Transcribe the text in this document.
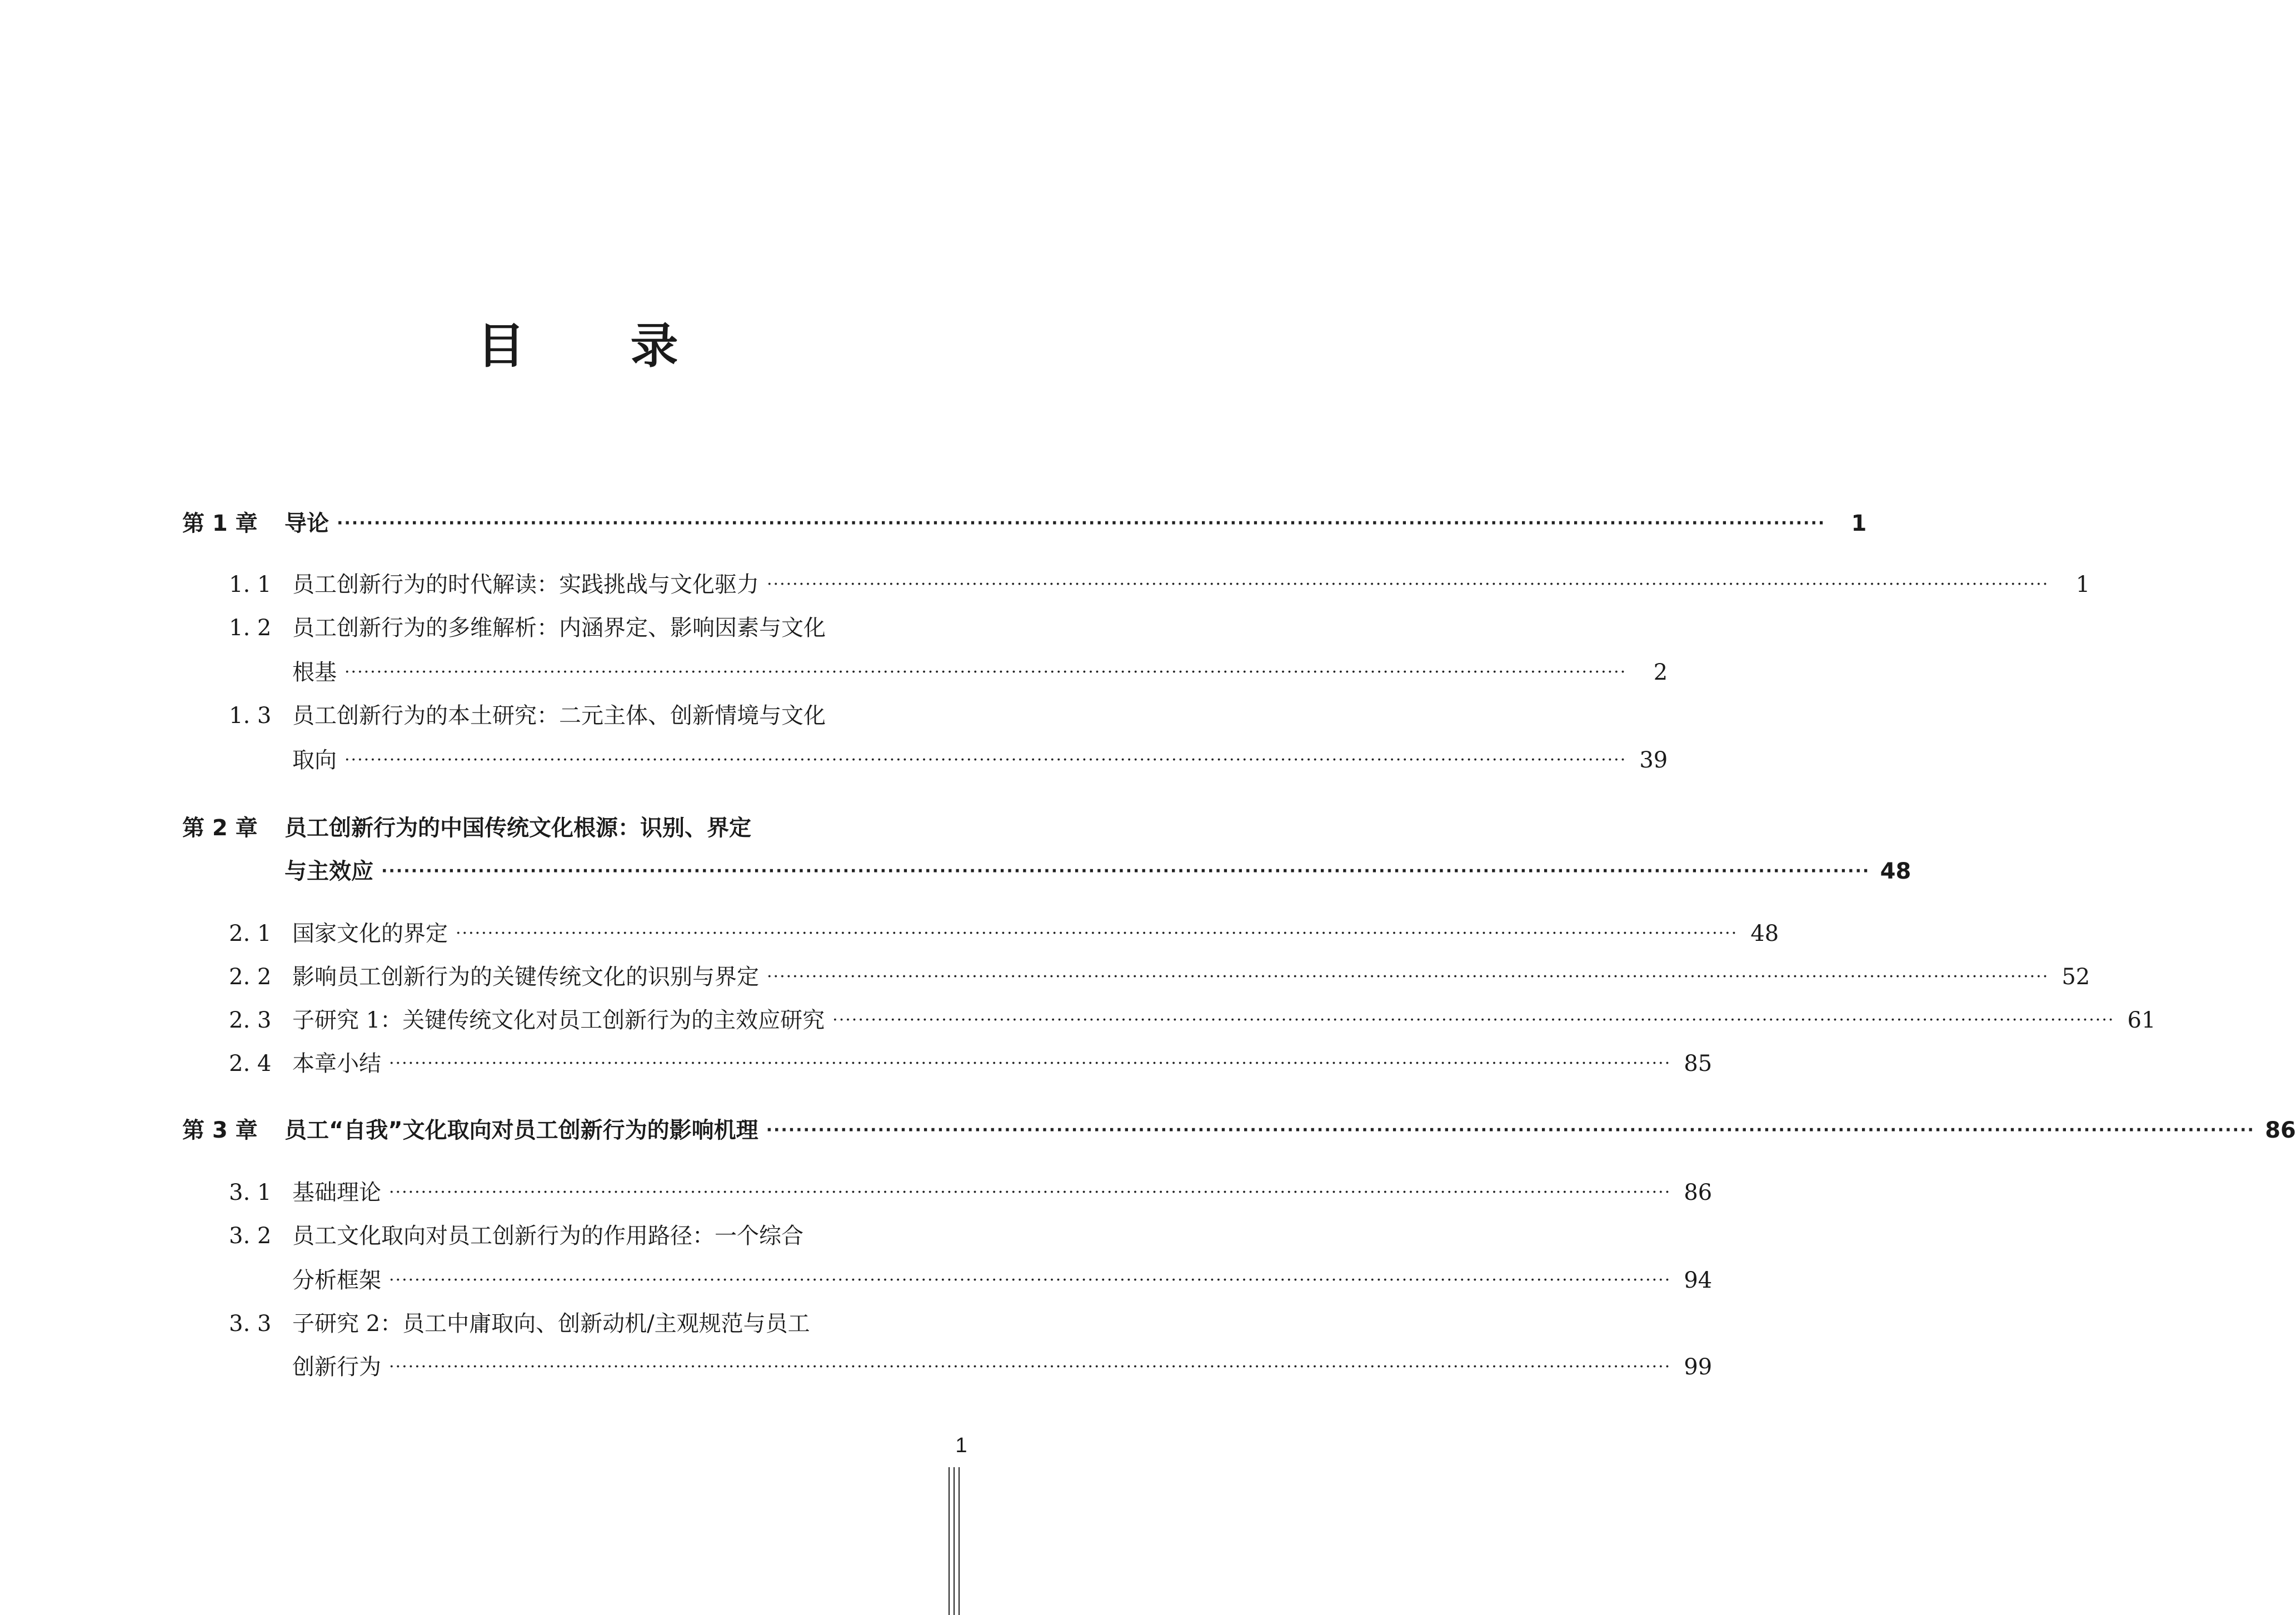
目 录
第 1 章 导论 ········································································································································································································	1
1. 1 员工创新行为的时代解读：实践挑战与文化驱力 ········································································································································································································	1
1. 2 员工创新行为的多维解析：内涵界定、影响因素与文化
根基 ········································································································································································································	2
1. 3 员工创新行为的本土研究：二元主体、创新情境与文化
取向 ········································································································································································································ 39
第 2 章 员工创新行为的中国传统文化根源：识别、界定
与主效应 ········································································································································································································ 48
2. 1 国家文化的界定 ········································································································································································································ 48
2. 2 影响员工创新行为的关键传统文化的识别与界定 ········································································································································································································ 52
2. 3 子研究 1：关键传统文化对员工创新行为的主效应研究 ········································································································································································································ 61
2. 4 本章小结 ········································································································································································································ 85
第 3 章 员工“自我”文化取向对员工创新行为的影响机理 ········································································································································································································ 86
3. 1 基础理论 ········································································································································································································ 86
3. 2 员工文化取向对员工创新行为的作用路径：一个综合
分析框架 ········································································································································································································ 94
3. 3 子研究 2：员工中庸取向、创新动机/主观规范与员工
创新行为 ········································································································································································································ 99
1
